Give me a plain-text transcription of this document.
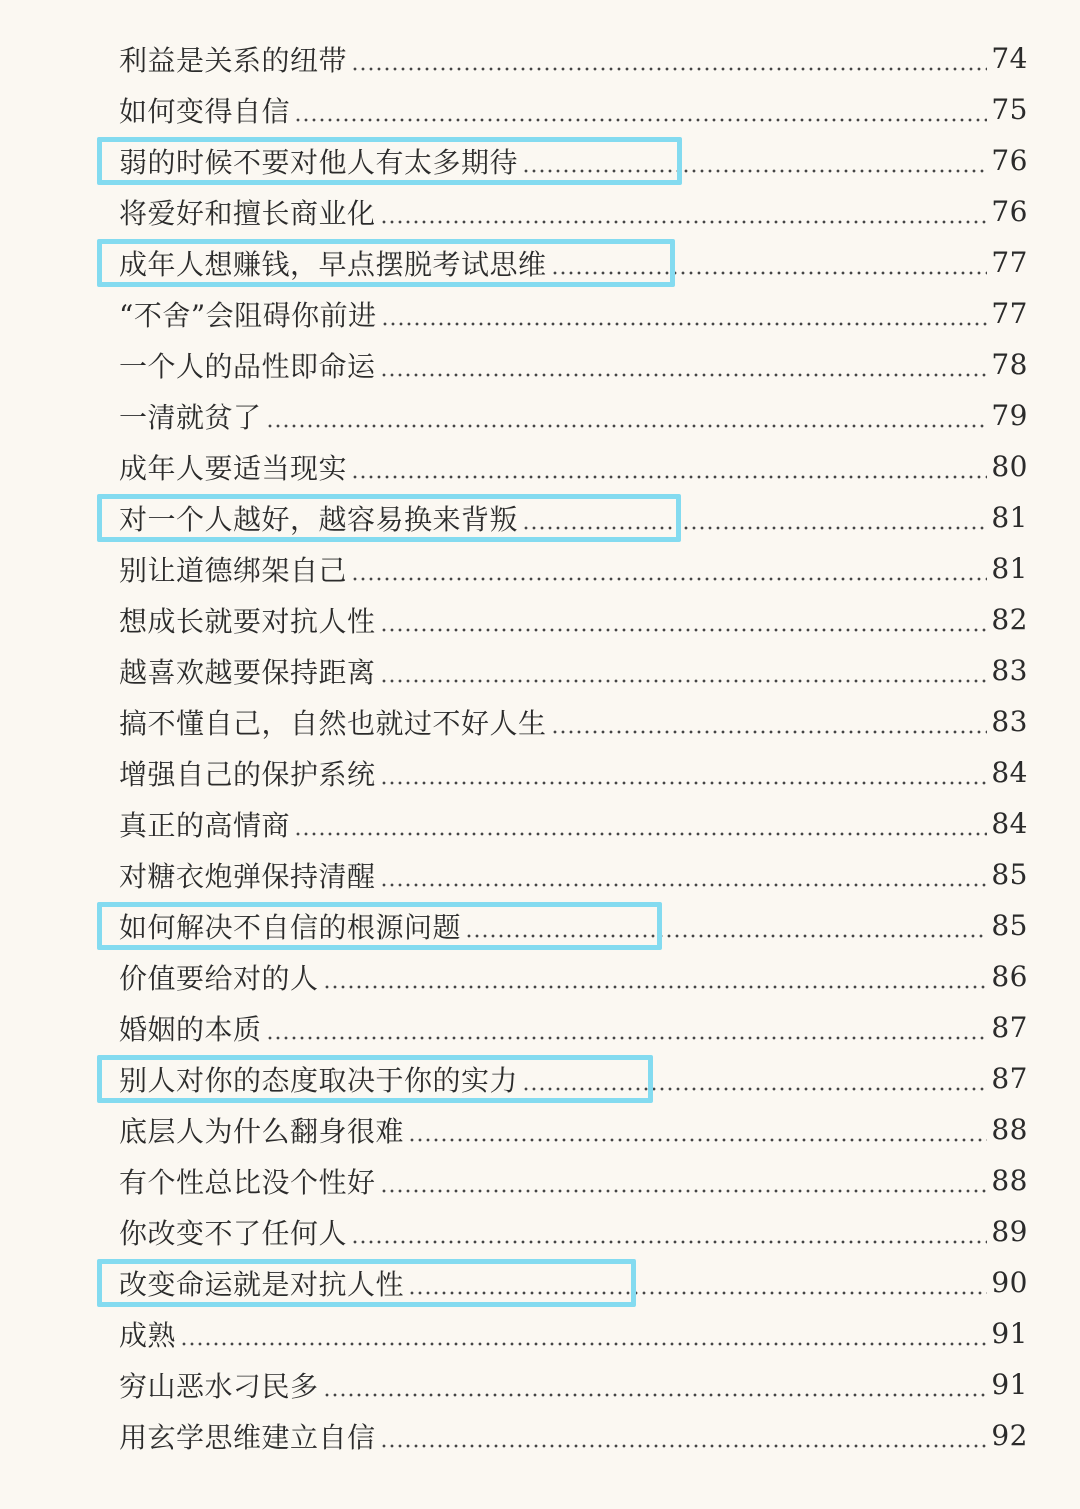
利益是关系的纽带	74
如何变得自信	75
弱的时候不要对他人有太多期待	76
将爱好和擅长商业化	76
成年人想赚钱，早点摆脱考试思维	77
“不舍”会阻碍你前进	77
一个人的品性即命运	78
一清就贫了	79
成年人要适当现实	80
对一个人越好，越容易换来背叛	81
别让道德绑架自己	81
想成长就要对抗人性	82
越喜欢越要保持距离	83
搞不懂自己，自然也就过不好人生	83
增强自己的保护系统	84
真正的高情商	84
对糖衣炮弹保持清醒	85
如何解决不自信的根源问题	85
价值要给对的人	86
婚姻的本质	87
别人对你的态度取决于你的实力	87
底层人为什么翻身很难	88
有个性总比没个性好	88
你改变不了任何人	89
改变命运就是对抗人性	90
成熟	91
穷山恶水刁民多	91
用玄学思维建立自信	92
